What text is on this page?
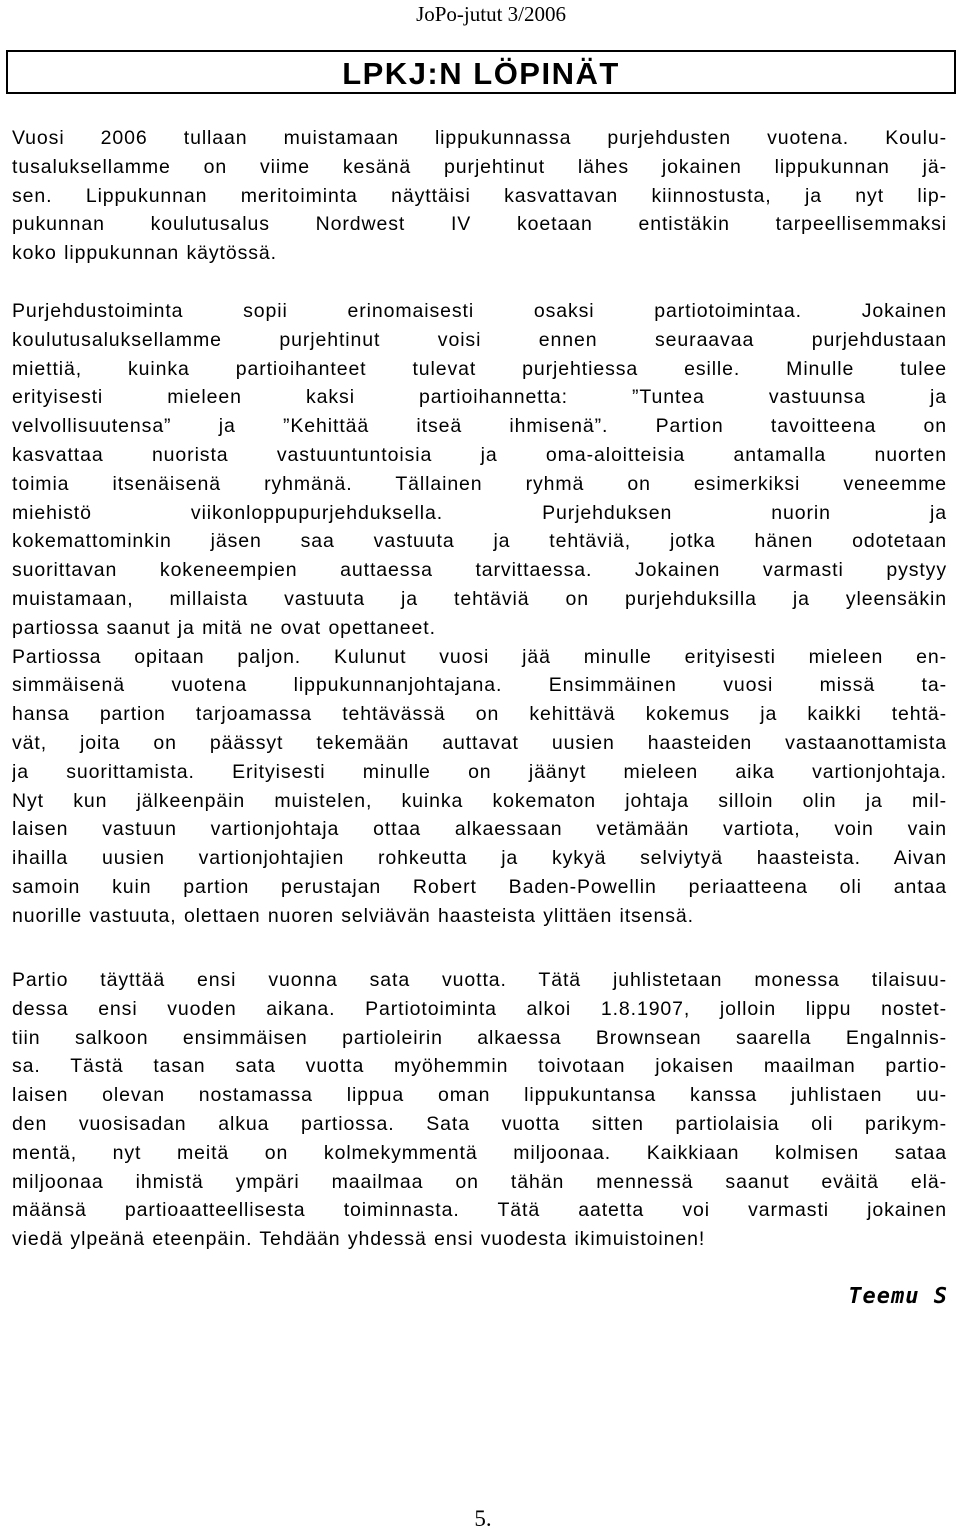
JoPo-jutut 3/2006
LPKJ:N LÖPINÄT
Vuosi 2006 tullaan muistamaan lippukunnassa purjehdusten vuotena. Koulu-
tusaluksellamme on viime kesänä purjehtinut lähes jokainen lippukunnan jä-
sen. Lippukunnan meritoiminta näyttäisi kasvattavan kiinnostusta, ja nyt lip-
pukunnan koulutusalus Nordwest IV koetaan entistäkin tarpeellisemmaksi
koko lippukunnan käytössä.
Purjehdustoiminta sopii erinomaisesti osaksi partiotoimintaa. Jokainen
koulutusaluksellamme purjehtinut voisi ennen seuraavaa purjehdustaan
miettiä, kuinka partioihanteet tulevat purjehtiessa esille. Minulle tulee
erityisesti mieleen kaksi partioihannetta: ”Tuntea vastuunsa ja
velvollisuutensa” ja ”Kehittää itseä ihmisenä”. Partion tavoitteena on
kasvattaa nuorista vastuuntuntoisia ja oma-aloitteisia antamalla nuorten
toimia itsenäisenä ryhmänä. Tällainen ryhmä on esimerkiksi veneemme
miehistö viikonloppupurjehduksella. Purjehduksen nuorin ja
kokemattominkin jäsen saa vastuuta ja tehtäviä, jotka hänen odotetaan
suorittavan kokeneempien auttaessa tarvittaessa. Jokainen varmasti pystyy
muistamaan, millaista vastuuta ja tehtäviä on purjehduksilla ja yleensäkin
partiossa saanut ja mitä ne ovat opettaneet.
Partiossa opitaan paljon. Kulunut vuosi jää minulle erityisesti mieleen en-
simmäisenä vuotena lippukunnanjohtajana. Ensimmäinen vuosi missä ta-
hansa partion tarjoamassa tehtävässä on kehittävä kokemus ja kaikki tehtä-
vät, joita on päässyt tekemään auttavat uusien haasteiden vastaanottamista
ja suorittamista. Erityisesti minulle on jäänyt mieleen aika vartionjohtaja.
Nyt kun jälkeenpäin muistelen, kuinka kokematon johtaja silloin olin ja mil-
laisen vastuun vartionjohtaja ottaa alkaessaan vetämään vartiota, voin vain
ihailla uusien vartionjohtajien rohkeutta ja kykyä selviytyä haasteista. Aivan
samoin kuin partion perustajan Robert Baden-Powellin periaatteena oli antaa
nuorille vastuuta, olettaen nuoren selviävän haasteista ylittäen itsensä.
Partio täyttää ensi vuonna sata vuotta. Tätä juhlistetaan monessa tilaisuu-
dessa ensi vuoden aikana. Partiotoiminta alkoi 1.8.1907, jolloin lippu nostet-
tiin salkoon ensimmäisen partioleirin alkaessa Brownsean saarella Engalnnis-
sa. Tästä tasan sata vuotta myöhemmin toivotaan jokaisen maailman partio-
laisen olevan nostamassa lippua oman lippukuntansa kanssa juhlistaen uu-
den vuosisadan alkua partiossa. Sata vuotta sitten partiolaisia oli parikym-
mentä, nyt meitä on kolmekymmentä miljoonaa. Kaikkiaan kolmisen sataa
miljoonaa ihmistä ympäri maailmaa on tähän mennessä saanut eväitä elä-
määnsä partioaatteellisesta toiminnasta. Tätä aatetta voi varmasti jokainen
viedä ylpeänä eteenpäin. Tehdään yhdessä ensi vuodesta ikimuistoinen!
Teemu S
5.
